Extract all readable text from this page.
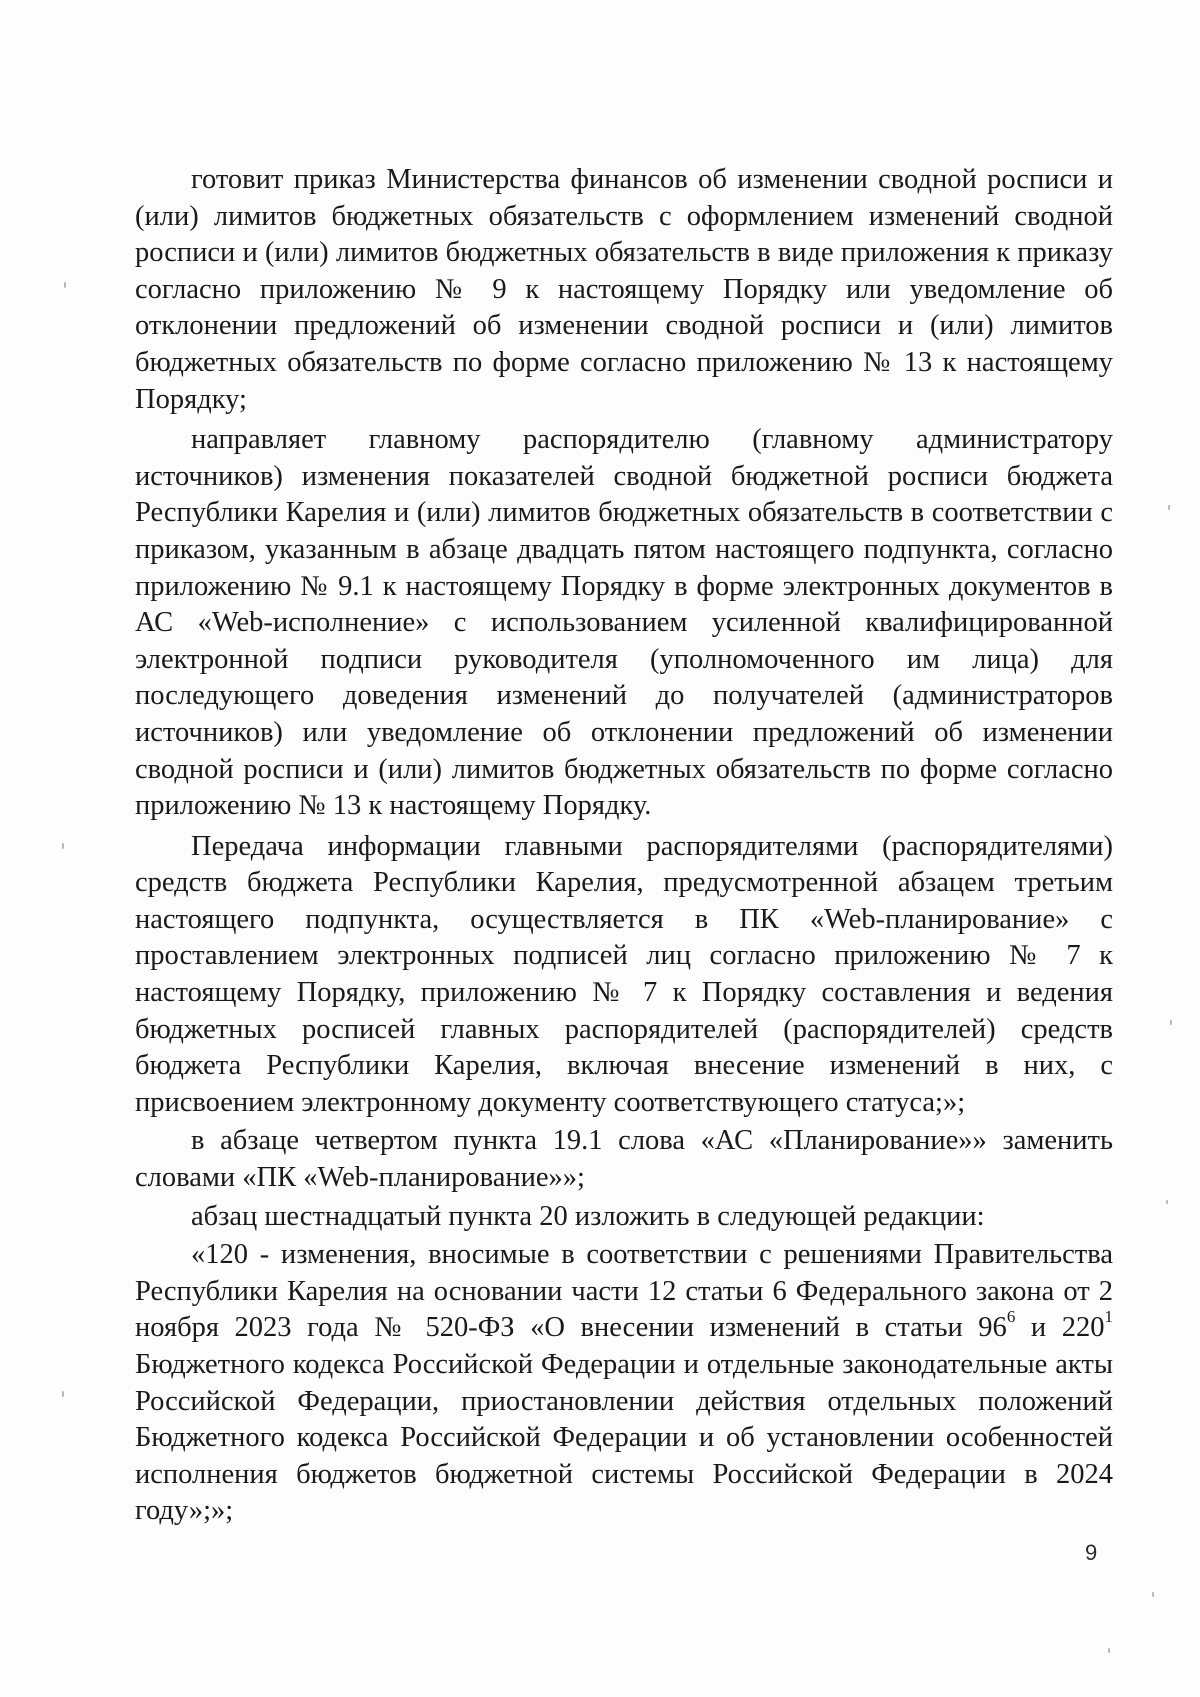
готовит приказ Министерства финансов об изменении сводной росписи и (или) лимитов бюджетных обязательств с оформлением изменений сводной росписи и (или) лимитов бюджетных обязательств в виде приложения к приказу согласно приложению № 9 к настоящему Порядку или уведомление об отклонении предложений об изменении сводной росписи и (или) лимитов бюджетных обязательств по форме согласно приложению № 13 к настоящему Порядку;

направляет главному распорядителю (главному администратору источников) изменения показателей сводной бюджетной росписи бюджета Республики Карелия и (или) лимитов бюджетных обязательств в соответствии с приказом, указанным в абзаце двадцать пятом настоящего подпункта, согласно приложению № 9.1 к настоящему Порядку в форме электронных документов в АС «Web-исполнение» с использованием усиленной квалифицированной электронной подписи руководителя (уполномоченного им лица) для последующего доведения изменений до получателей (администраторов источников) или уведомление об отклонении предложений об изменении сводной росписи и (или) лимитов бюджетных обязательств по форме согласно приложению № 13 к настоящему Порядку.

Передача информации главными распорядителями (распорядителями) средств бюджета Республики Карелия, предусмотренной абзацем третьим настоящего подпункта, осуществляется в ПК «Web-планирование» с проставлением электронных подписей лиц согласно приложению № 7 к настоящему Порядку, приложению № 7 к Порядку составления и ведения бюджетных росписей главных распорядителей (распорядителей) средств бюджета Республики Карелия, включая внесение изменений в них, с присвоением электронному документу соответствующего статуса;»;

в абзаце четвертом пункта 19.1 слова «АС «Планирование»» заменить словами «ПК «Web-планирование»»;

абзац шестнадцатый пункта 20 изложить в следующей редакции:

«120 - изменения, вносимые в соответствии с решениями Правительства Республики Карелия на основании части 12 статьи 6 Федерального закона от 2 ноября 2023 года № 520-ФЗ «О внесении изменений в статьи $96^6$ и $220^1$ Бюджетного кодекса Российской Федерации и отдельные законодательные акты Российской Федерации, приостановлении действия отдельных положений Бюджетного кодекса Российской Федерации и об установлении особенностей исполнения бюджетов бюджетной системы Российской Федерации в 2024 году»;»;

9
